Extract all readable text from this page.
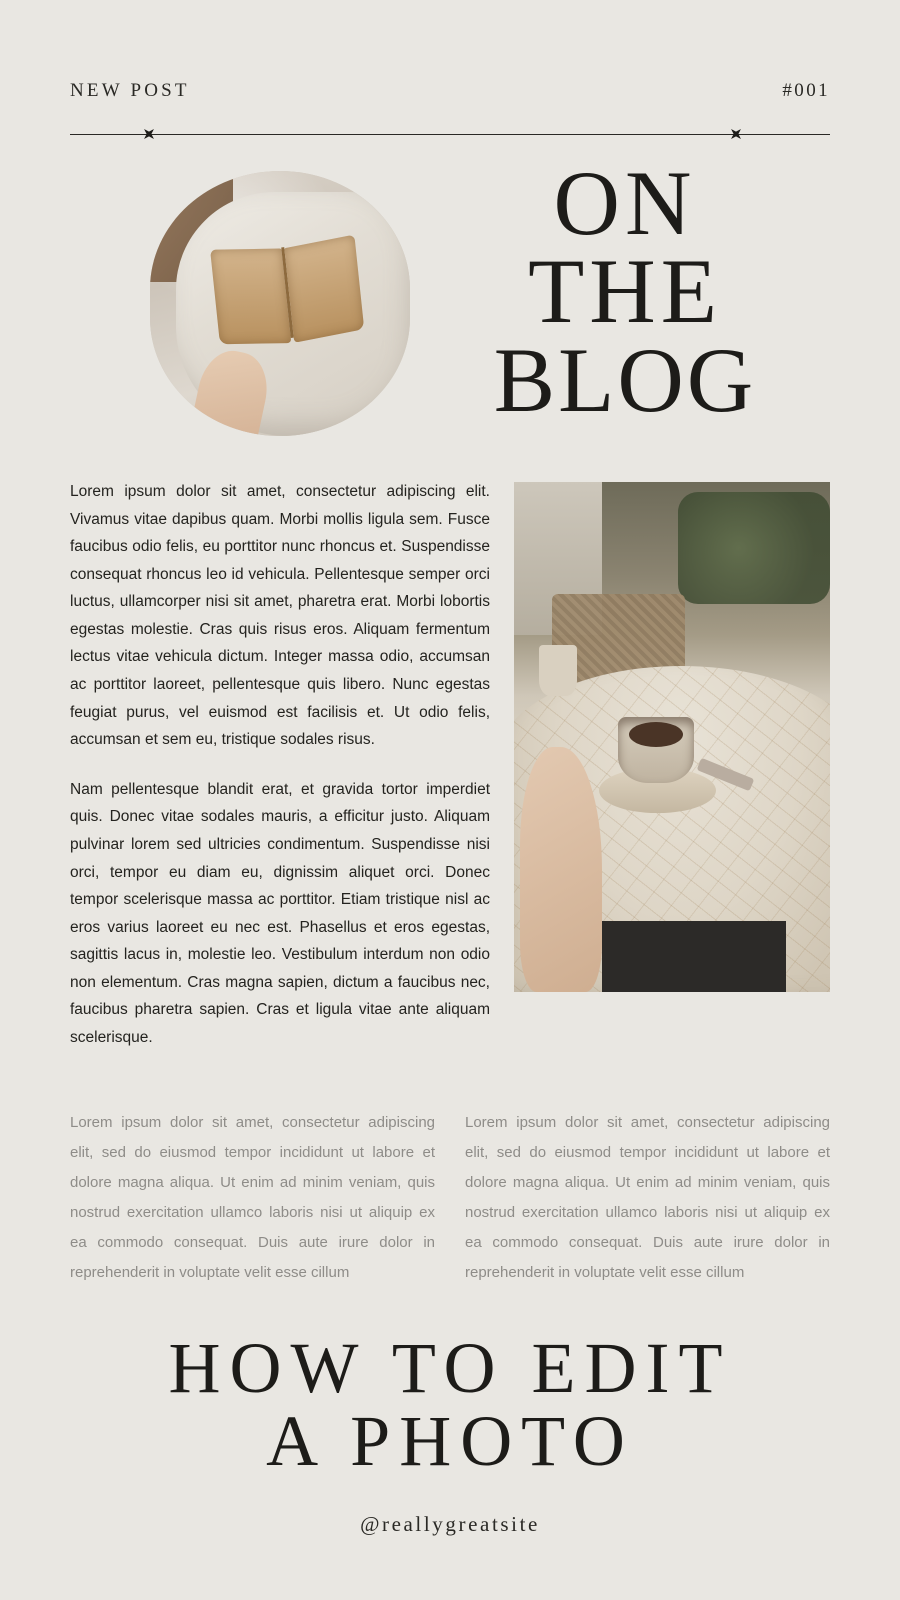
NEW POST	#001
ON
THE
BLOG

Lorem ipsum dolor sit amet, consectetur adipiscing elit. Vivamus vitae dapibus quam. Morbi mollis ligula sem. Fusce faucibus odio felis, eu porttitor nunc rhoncus et. Suspendisse consequat rhoncus leo id vehicula. Pellentesque semper orci luctus, ullamcorper nisi sit amet, pharetra erat. Morbi lobortis egestas molestie. Cras quis risus eros. Aliquam fermentum lectus vitae vehicula dictum. Integer massa odio, accumsan ac porttitor laoreet, pellentesque quis libero. Nunc egestas feugiat purus, vel euismod est facilisis et. Ut odio felis, accumsan et sem eu, tristique sodales risus.

Nam pellentesque blandit erat, et gravida tortor imperdiet quis. Donec vitae sodales mauris, a efficitur justo. Aliquam pulvinar lorem sed ultricies condimentum. Suspendisse nisi orci, tempor eu diam eu, dignissim aliquet orci. Donec tempor scelerisque massa ac porttitor. Etiam tristique nisl ac eros varius laoreet eu nec est. Phasellus et eros egestas, sagittis lacus in, molestie leo. Vestibulum interdum non odio non elementum. Cras magna sapien, dictum a faucibus nec, faucibus pharetra sapien. Cras et ligula vitae ante aliquam scelerisque.

Lorem ipsum dolor sit amet, consectetur adipiscing elit, sed do eiusmod tempor incididunt ut labore et dolore magna aliqua. Ut enim ad minim veniam, quis nostrud exercitation ullamco laboris nisi ut aliquip ex ea commodo consequat. Duis aute irure dolor in reprehenderit in voluptate velit esse cillum
Lorem ipsum dolor sit amet, consectetur adipiscing elit, sed do eiusmod tempor incididunt ut labore et dolore magna aliqua. Ut enim ad minim veniam, quis nostrud exercitation ullamco laboris nisi ut aliquip ex ea commodo consequat. Duis aute irure dolor in reprehenderit in voluptate velit esse cillum
HOW TO EDIT
A PHOTO
@reallygreatsite
